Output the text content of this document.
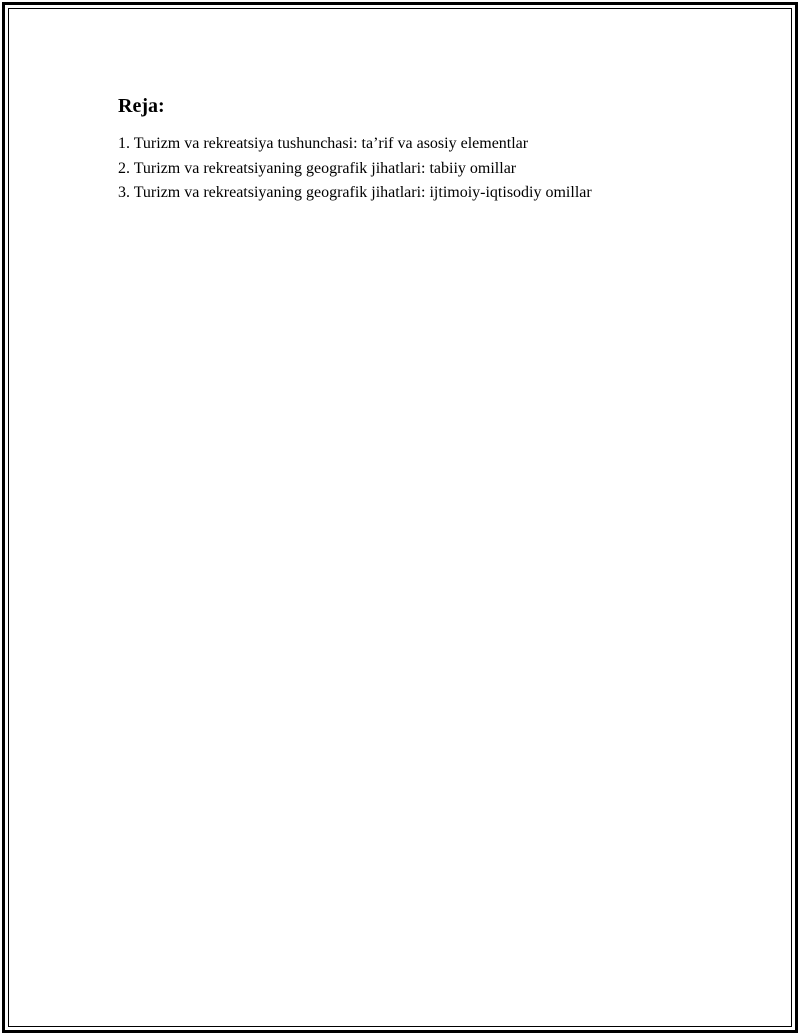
Reja:
1. Turizm va rekreatsiya tushunchasi: ta’rif va asosiy elementlar
2. Turizm va rekreatsiyaning geografik jihatlari: tabiiy omillar
3. Turizm va rekreatsiyaning geografik jihatlari: ijtimoiy-iqtisodiy omillar
